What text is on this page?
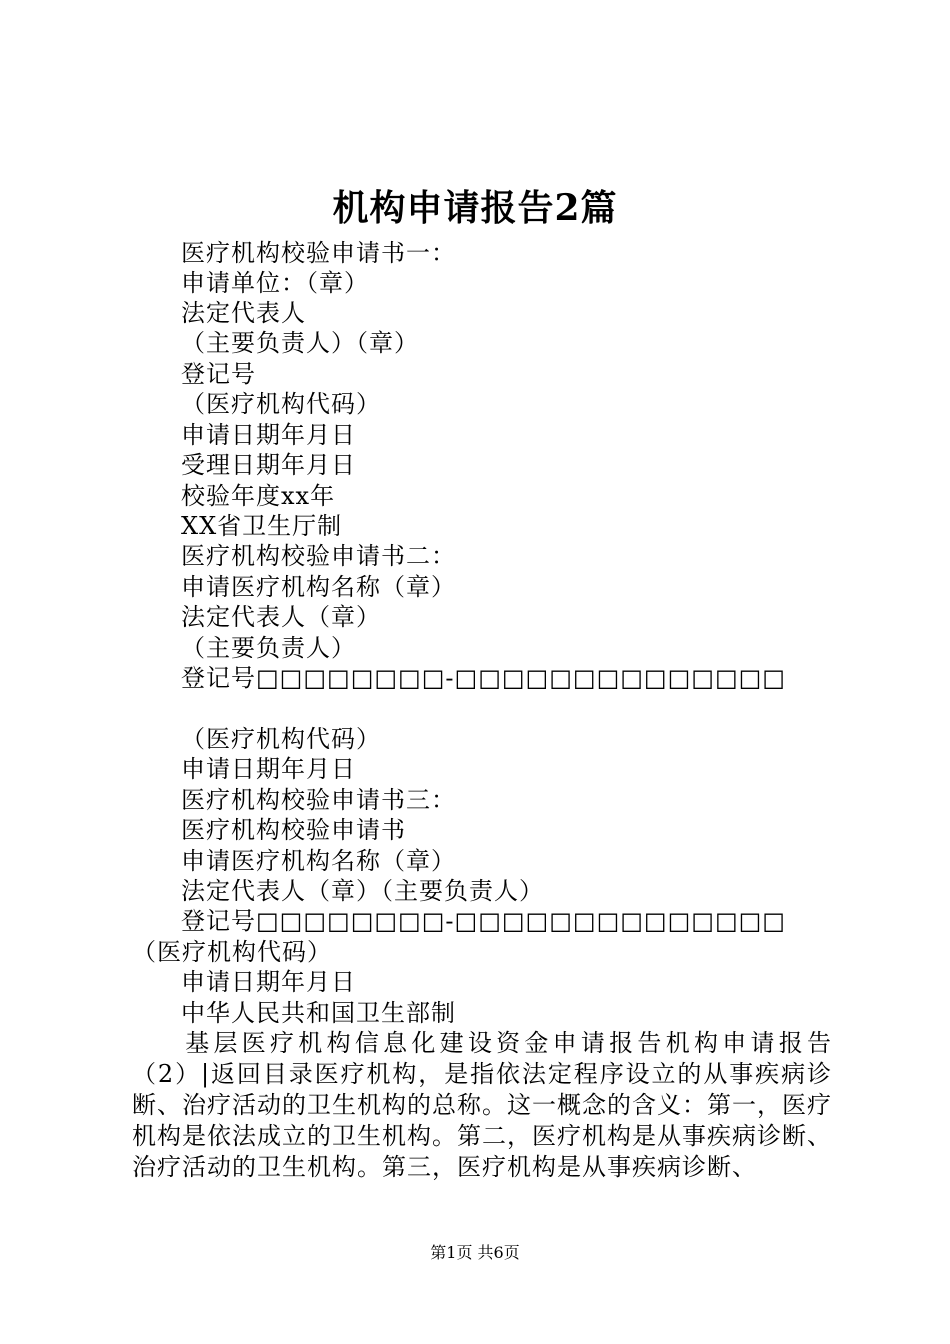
机构申请报告2篇
医疗机构校验申请书一：
申请单位：（章）
法定代表人
（主要负责人）（章）
登记号
（医疗机构代码）
申请日期年月日
受理日期年月日
校验年度xx年
XX省卫生厅制
医疗机构校验申请书二：
申请医疗机构名称（章）
法定代表人（章）
（主要负责人）
登记号□□□□□□□□-□□□□□□□□□□□□□□
（医疗机构代码）
申请日期年月日
医疗机构校验申请书三：
医疗机构校验申请书
申请医疗机构名称（章）
法定代表人（章）（主要负责人）
登记号□□□□□□□□-□□□□□□□□□□□□□□
（医疗机构代码）
申请日期年月日
中华人民共和国卫生部制
基层医疗机构信息化建设资金申请报告机构申请报告（2）|返回目录医疗机构，是指依法定程序设立的从事疾病诊断、治疗活动的卫生机构的总称。这一概念的含义：第一，医疗机构是依法成立的卫生机构。第二，医疗机构是从事疾病诊断、治疗活动的卫生机构。第三，医疗机构是从事疾病诊断、
第1页 共6页
